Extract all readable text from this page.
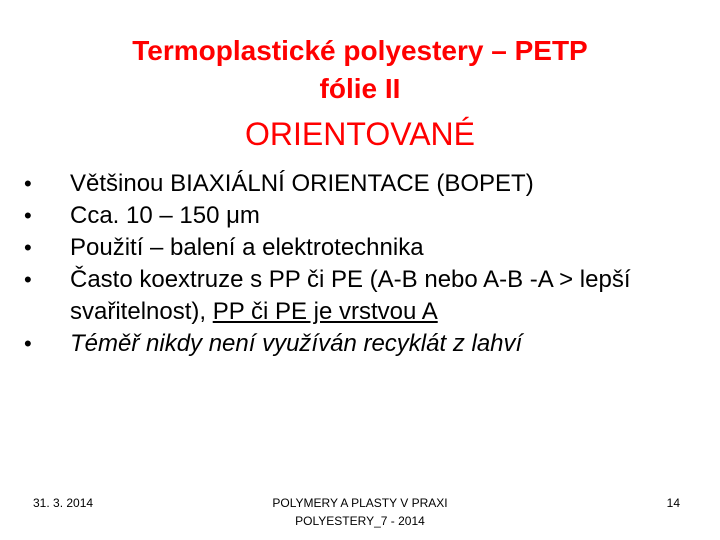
Termoplastické polyestery – PETP
fólie II
ORIENTOVANÉ
•	Většinou BIAXIÁLNÍ ORIENTACE (BOPET)
•	Cca. 10 – 150 μm
•	Použití – balení a elektrotechnika
•	Často koextruze s PP či PE (A-B nebo A-B -A > lepší svařitelnost), PP či PE je vrstvou A
•	Téměř nikdy není využíván recyklát z lahví
31. 3. 2014	POLYMERY A PLASTY V PRAXI
POLYESTERY_7 - 2014
14
